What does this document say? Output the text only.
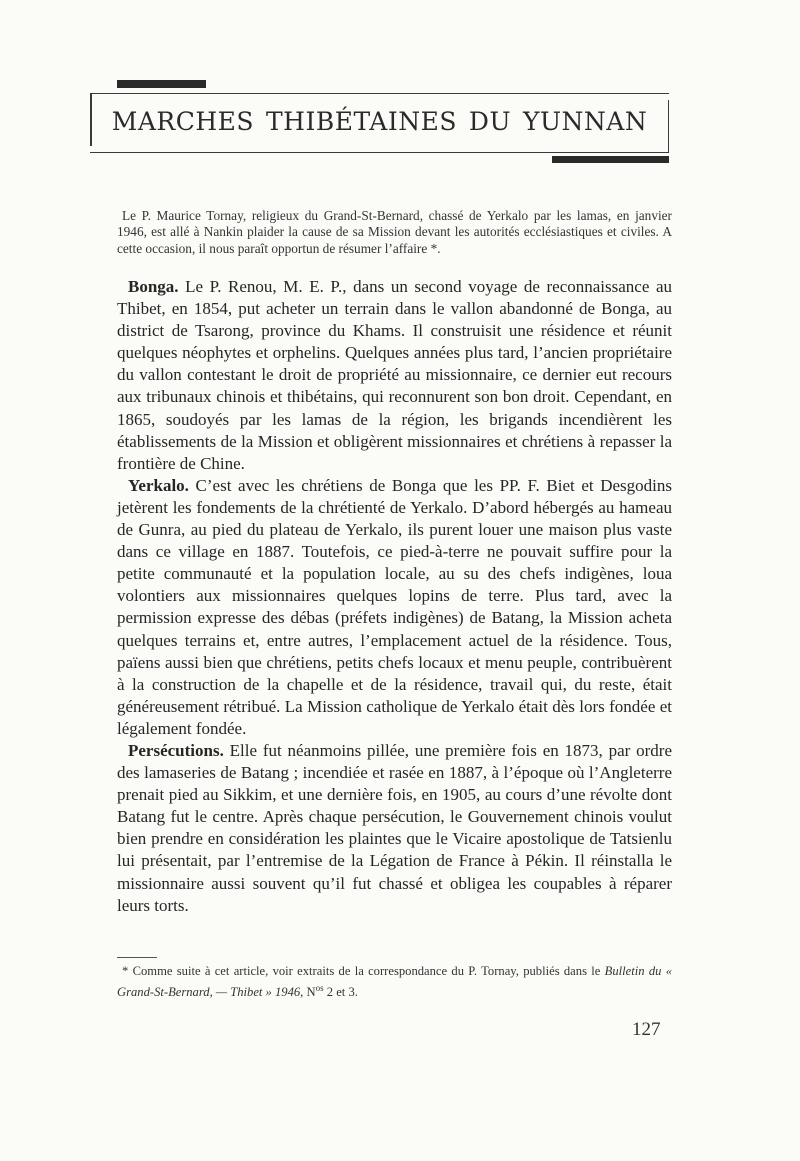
marches thibétaines du yunnan
Le P. Maurice Tornay, religieux du Grand-St-Bernard, chassé de Yerkalo par les lamas, en janvier 1946, est allé à Nankin plaider la cause de sa Mission devant les autorités ecclésiastiques et civiles. A cette occasion, il nous paraît opportun de résumer l’affaire *.

Bonga. Le P. Renou, M. E. P., dans un second voyage de reconnaissance au Thibet, en 1854, put acheter un terrain dans le vallon abandonné de Bonga, au district de Tsarong, province du Khams. Il construisit une résidence et réunit quelques néophytes et orphelins. Quelques années plus tard, l’ancien propriétaire du vallon contestant le droit de propriété au missionnaire, ce dernier eut recours aux tribunaux chinois et thibétains, qui reconnurent son bon droit. Cependant, en 1865, soudoyés par les lamas de la région, les brigands incendièrent les établissements de la Mission et obligèrent missionnaires et chrétiens à repasser la frontière de Chine.

Yerkalo. C’est avec les chrétiens de Bonga que les PP. F. Biet et Desgodins jetèrent les fondements de la chrétienté de Yerkalo. D’abord hébergés au hameau de Gunra, au pied du plateau de Yerkalo, ils purent louer une maison plus vaste dans ce village en 1887. Toutefois, ce pied-à-terre ne pouvait suffire pour la petite communauté et la population locale, au su des chefs indigènes, loua volontiers aux missionnaires quelques lopins de terre. Plus tard, avec la permission expresse des débas (préfets indigènes) de Batang, la Mission acheta quelques terrains et, entre autres, l’emplacement actuel de la résidence. Tous, païens aussi bien que chrétiens, petits chefs locaux et menu peuple, contribuèrent à la construction de la chapelle et de la résidence, travail qui, du reste, était généreusement rétribué. La Mission catholique de Yerkalo était dès lors fondée et légalement fondée.

Persécutions. Elle fut néanmoins pillée, une première fois en 1873, par ordre des lamaseries de Batang ; incendiée et rasée en 1887, à l’époque où l’Angleterre prenait pied au Sikkim, et une dernière fois, en 1905, au cours d’une révolte dont Batang fut le centre. Après chaque persécution, le Gouvernement chinois voulut bien prendre en considération les plaintes que le Vicaire apostolique de Tatsienlu lui présentait, par l’entremise de la Légation de France à Pékin. Il réinstalla le missionnaire aussi souvent qu’il fut chassé et obligea les coupables à réparer leurs torts.

* Comme suite à cet article, voir extraits de la correspondance du P. Tornay, publiés dans le Bulletin du « Grand-St-Bernard, — Thibet » 1946, $N^{os}$ 2 et 3.
127
